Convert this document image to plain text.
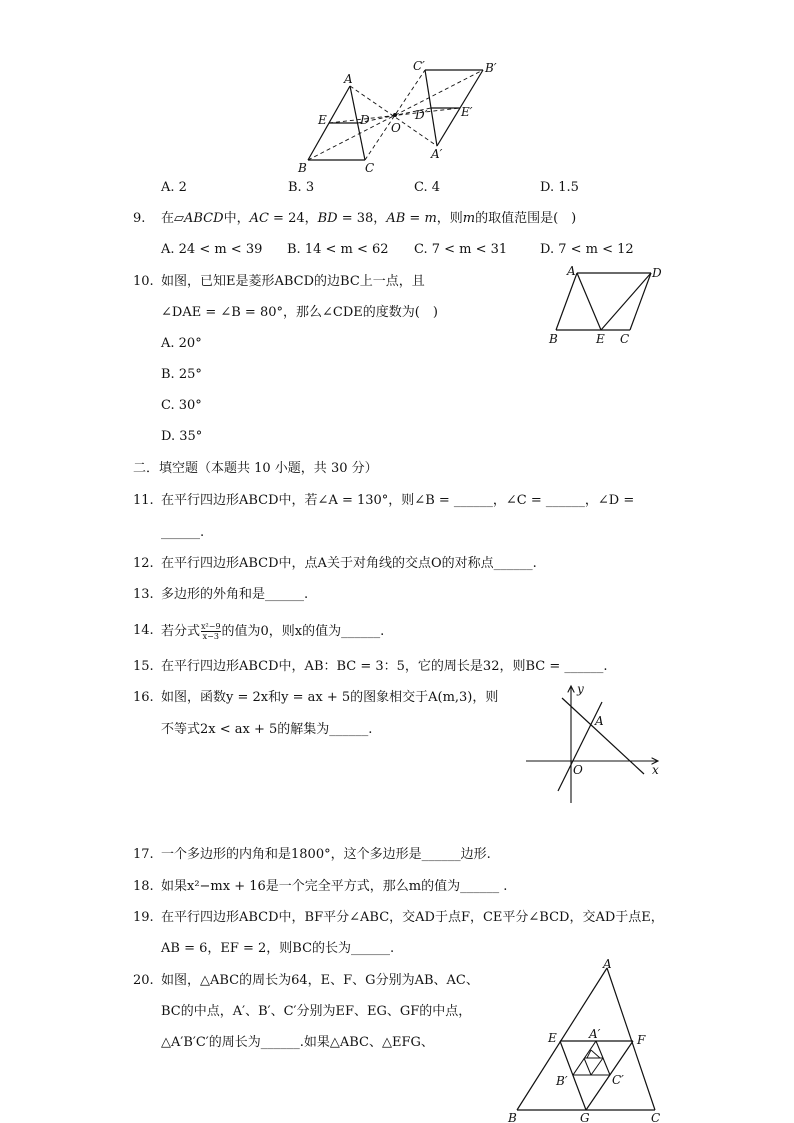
A
B	C
D
E
O
A′
B′
C′
D′	E′
A. 2	B. 3	C. 4	D. 1.5
9.	在▱ABCD中，AC = 24，BD = 38，AB = m，则m的取值范围是(　)
A. 24 < m < 39 B. 14 < m < 62 C. 7 < m < 31	D. 7 < m < 12
10. 如图，已知E是菱形ABCD的边BC上一点，且
∠DAE = ∠B = 80°，那么∠CDE的度数为(　)
A. 20°
B. 25°
C. 30°
D. 35°
A	D
B	E C
二．填空题（本题共 10 小题，共 30 分）
11. 在平行四边形ABCD中，若∠A = 130°，则∠B = ______，∠C = ______，∠D =
______.
12. 在平行四边形ABCD中，点A关于对角线的交点O的对称点______.
13. 多边形的外角和是______.
14. 若分式 $\frac{\text{x²−9}}{x-3}$ 的值为0，则x的值为______.
15. 在平行四边形ABCD中，AB：BC = 3：5，它的周长是32，则BC = ______.
16. 如图，函数y = 2x和y = ax + 5的图象相交于A(m,3)，则
不等式2x < ax + 5的解集为______.
y
A
O	x
17. 一个多边形的内角和是1800°，这个多边形是______边形.
18. 如果x²−mx + 16是一个完全平方式，那么m的值为______ .
19. 在平行四边形ABCD中，BF平分∠ABC，交AD于点F，CE平分∠BCD，交AD于点E，
AB = 6，EF = 2，则BC的长为______.
20. 如图，△ABC的周长为64，E、F、G分别为AB、AC、
BC的中点，A′、B′、C′分别为EF、EG、GF的中点，
△A′B′C′的周长为______.如果△ABC、△EFG、
A
E	F
A′
B′	C′
B	G	C
